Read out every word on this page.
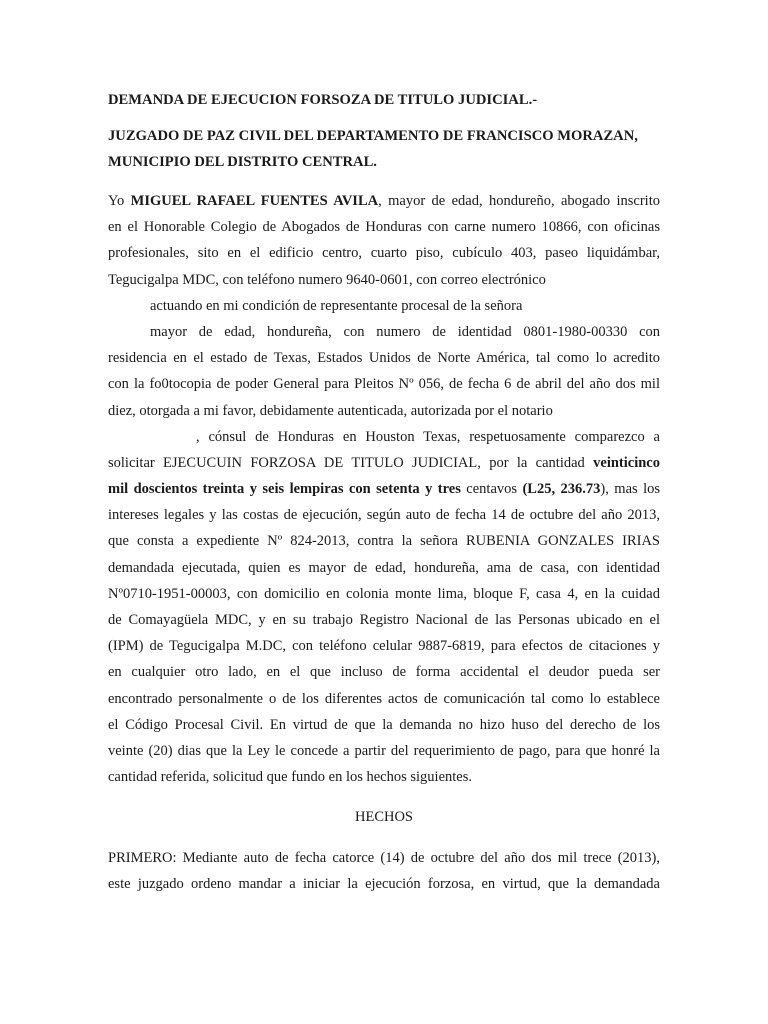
DEMANDA DE EJECUCION FORSOZA DE TITULO JUDICIAL.-
JUZGADO DE PAZ CIVIL DEL DEPARTAMENTO DE FRANCISCO MORAZAN,
MUNICIPIO DEL DISTRITO CENTRAL.
Yo MIGUEL RAFAEL FUENTES AVILA, mayor de edad, hondureño, abogado inscrito
en el Honorable Colegio de Abogados de Honduras con carne numero 10866, con oficinas
profesionales, sito en el edificio centro, cuarto piso, cubículo 403, paseo liquidámbar,
Tegucigalpa MDC, con teléfono numero 9640-0601, con correo electrónico
actuando en mi condición de representante procesal de la señora
mayor de edad, hondureña, con numero de identidad 0801-1980-00330 con
residencia en el estado de Texas, Estados Unidos de Norte América, tal como lo acredito
con la fo0tocopia de poder General para Pleitos Nº 056, de fecha 6 de abril del año dos mil
diez, otorgada a mi favor, debidamente autenticada, autorizada por el notario
, cónsul de Honduras en Houston Texas, respetuosamente comparezco a
solicitar EJECUCUIN FORZOSA DE TITULO JUDICIAL, por la cantidad veinticinco
mil doscientos treinta y seis lempiras con setenta y tres centavos (L25, 236.73), mas los
intereses legales y las costas de ejecución, según auto de fecha 14 de octubre del año 2013,
que consta a expediente Nº 824-2013, contra la señora RUBENIA GONZALES IRIAS
demandada ejecutada, quien es mayor de edad, hondureña, ama de casa, con identidad
Nº0710-1951-00003, con domicilio en colonia monte lima, bloque F, casa 4, en la cuidad
de Comayagüela MDC, y en su trabajo Registro Nacional de las Personas ubicado en el
(IPM) de Tegucigalpa M.DC, con teléfono celular 9887-6819, para efectos de citaciones y
en cualquier otro lado, en el que incluso de forma accidental el deudor pueda ser
encontrado personalmente o de los diferentes actos de comunicación tal como lo establece
el Código Procesal Civil. En virtud de que la demanda no hizo huso del derecho de los
veinte (20) dias que la Ley le concede a partir del requerimiento de pago, para que honré la
cantidad referida, solicitud que fundo en los hechos siguientes.
HECHOS
PRIMERO: Mediante auto de fecha catorce (14) de octubre del año dos mil trece (2013),
este juzgado ordeno mandar a iniciar la ejecución forzosa, en virtud, que la demandada
